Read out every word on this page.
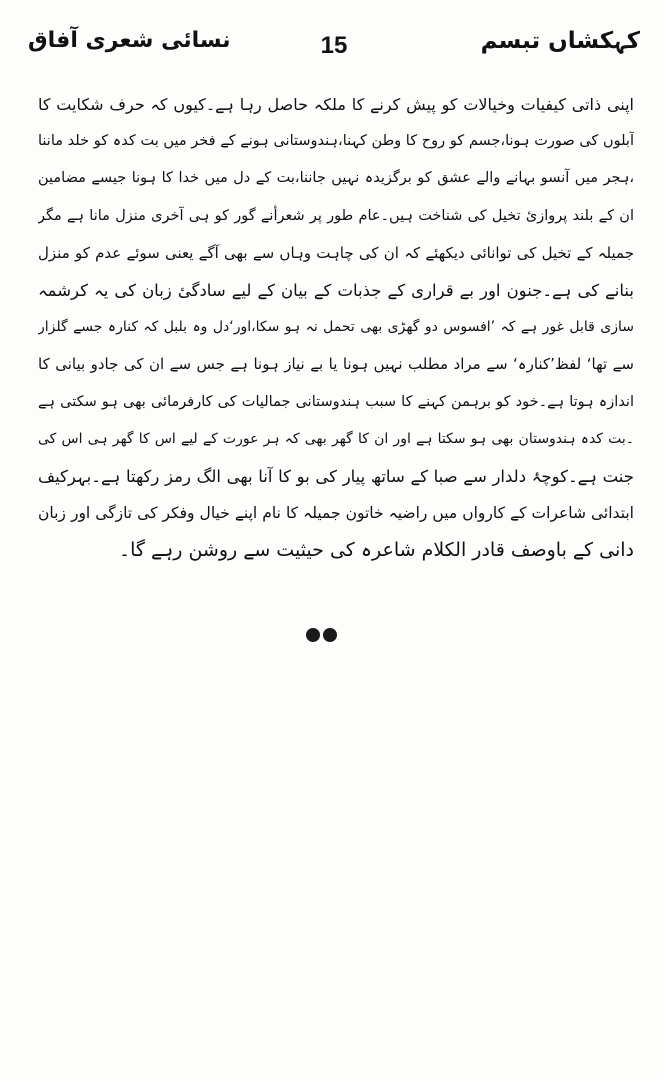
کہکشاں تبسم
15
نسائی شعری آفاق
اپنی ذاتی کیفیات وخیالات کو پیش کرنے کا ملکہ حاصل رہا ہے۔کیوں کہ حرف شکایت کا
آبلوں کی صورت ہونا،جسم کو روح کا وطن کہنا،ہندوستانی ہونے کے فخر میں بت کدہ کو خلد ماننا
،ہجر میں آنسو بہانے والے عشق کو برگزیدہ نہیں جاننا،بت کے دل میں خدا کا ہونا جیسے مضامین
ان کے بلند پروازیٔ تخیل کی شناخت ہیں۔عام طور پر شعرأنے گور کو ہی آخری منزل مانا ہے مگر
جمیلہ کے تخیل کی توانائی دیکھئے کہ ان کی چاہت وہاں سے بھی آگے یعنی سوئے عدم کو منزل
بنانے کی ہے۔جنون اور بے قراری کے جذبات کے بیان کے لیے سادگیٔ زبان کی یہ کرشمہ
سازی قابل غور ہے کہ ’افسوس دو گھڑی بھی تحمل نہ ہو سکا،اور‘دل وہ بلبل کہ کنارہ جسے گلزار
سے تھا‘ لفظ’کنارہ‘ سے مراد مطلب نہیں ہونا یا بے نیاز ہونا ہے جس سے ان کی جادو بیانی کا
اندازہ ہوتا ہے۔خود کو برہمن کہنے کا سبب ہندوستانی جمالیات کی کارفرمائی بھی ہو سکتی ہے
۔بت کدہ ہندوستان بھی ہو سکتا ہے اور ان کا گھر بھی کہ ہر عورت کے لیے اس کا گھر ہی اس کی
جنت ہے۔کوچۂ دلدار سے صبا کے ساتھ پیار کی بو کا آنا بھی الگ رمز رکھتا ہے۔بہرکیف
ابتدائی شاعرات کے کارواں میں راضیہ خاتون جمیلہ کا نام اپنے خیال وفکر کی تازگی اور زبان
دانی کے باوصف قادر الکلام شاعرہ کی حیثیت سے روشن رہے گا۔
